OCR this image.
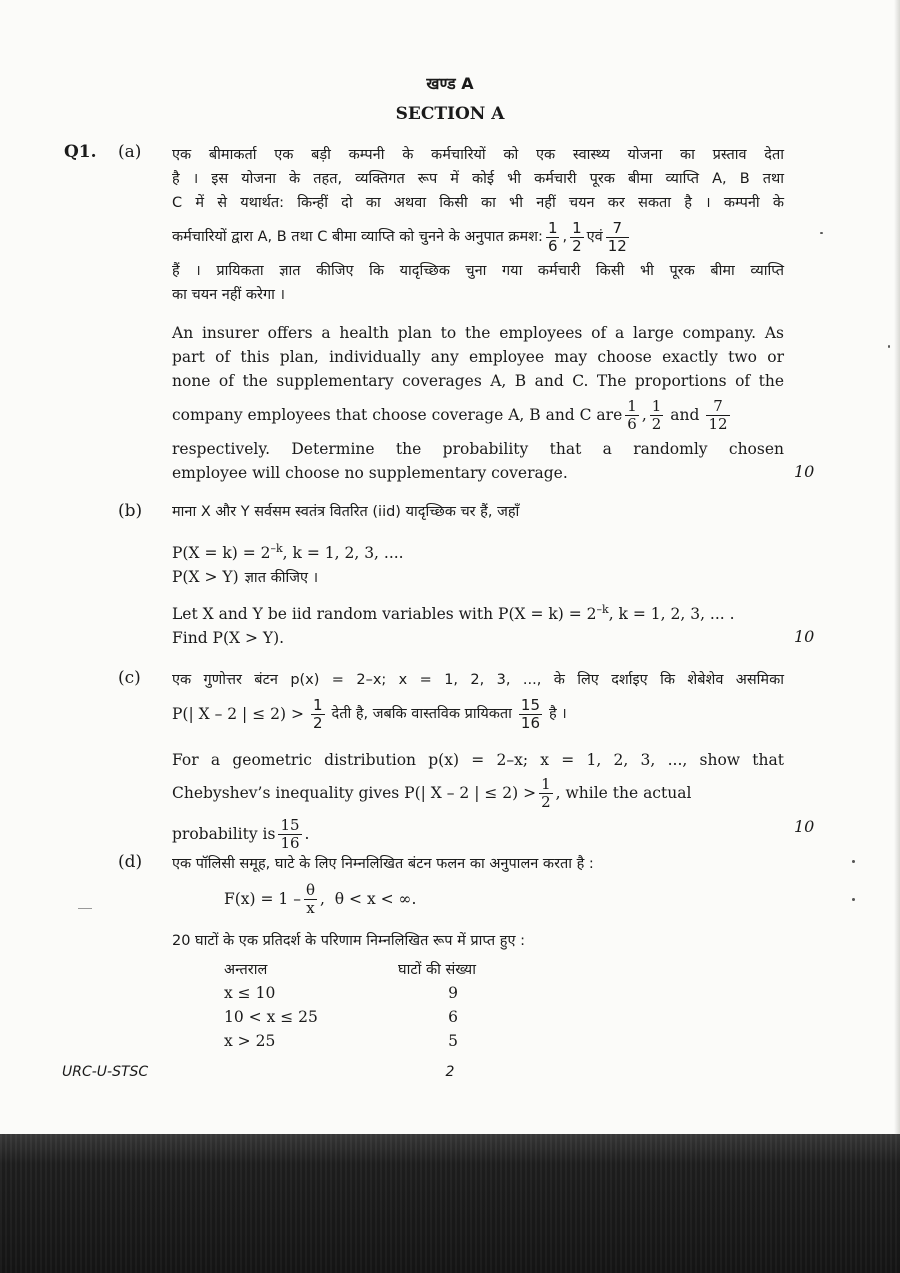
खण्ड A

SECTION A

Q1. (a) एक बीमाकर्ता एक बड़ी कम्पनी के कर्मचारियों को एक स्वास्थ्य योजना का प्रस्ताव देता
है । इस योजना के तहत, व्यक्तिगत रूप में कोई भी कर्मचारी पूरक बीमा व्याप्ति A, B तथा
C में से यथार्थत: किन्हीं दो का अथवा किसी का भी नहीं चयन कर सकता है । कम्पनी के
कर्मचारियों द्वारा A, B तथा C बीमा व्याप्ति को चुनने के अनुपात क्रमश: $\frac{1}{6}$ , $\frac{1}{2}$ एवं $\frac{7}{12}$
हैं । प्रायिकता ज्ञात कीजिए कि यादृच्छिक चुना गया कर्मचारी किसी भी पूरक बीमा व्याप्ति
का चयन नहीं करेगा ।
An insurer offers a health plan to the employees of a large company. As
part of this plan, individually any employee may choose exactly two or
none of the supplementary coverages A, B and C. The proportions of the
company employees that choose coverage A, B and C are $\frac{1}{6}$ , $\frac{1}{2}$ and $\frac{7}{12}$
respectively. Determine the probability that a randomly chosen
employee will choose no supplementary coverage.	10

(b) माना X और Y सर्वसम स्वतंत्र वितरित (iid) यादृच्छिक चर हैं, जहाँ
$P(X = k) = 2^{-k}$, k = 1, 2, 3, ....
P(X > Y) ज्ञात कीजिए ।
Let X and Y be iid random variables with $P(X = k) = 2^{-k}$, k = 1, 2, 3, ... .
Find P(X > Y).	10

(c) एक गुणोत्तर बंटन p(x) = 2–x; x = 1, 2, 3, ..., के लिए दर्शाइए कि शेबेशेव असमिका
P(| X – 2 | ≤ $2) > \frac{1}{2}$ देती है, जबकि वास्तविक प्रायिकता $\frac{15}{16}$ है ।
For a geometric distribution p(x) = 2–x; x = 1, 2, 3, ..., show that
Chebyshev’s inequality gives P(| X – 2 | ≤ $2) > \frac{1}{2}$ , while the actual
probability is $\frac{15}{16}$ .	10

(d) एक पॉलिसी समूह, घाटे के लिए निम्नलिखित बंटन फलन का अनुपालन करता है :
$F(x) = 1 - \frac{\theta}{x}$ ,  θ < x < ∞.
20 घाटों के एक प्रतिदर्श के परिणाम निम्नलिखित रूप में प्राप्त हुए :
अन्तराल	घाटों की संख्या
x ≤ 10	9
10 < x ≤ 25	6
x > 25	5

URC-U-STSC	2
